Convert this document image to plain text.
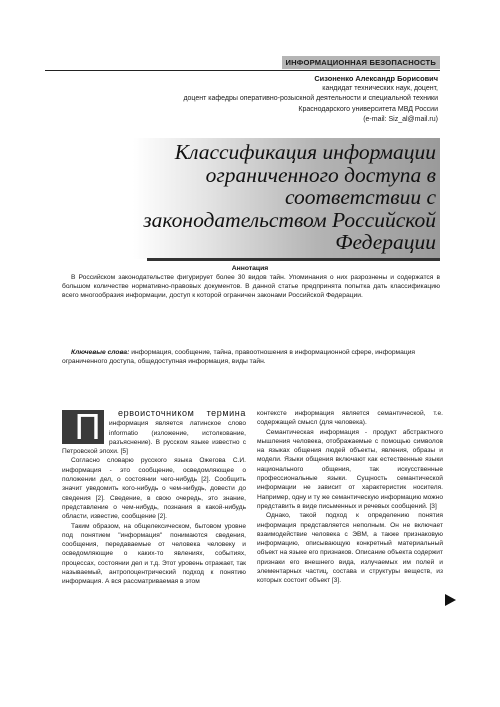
ИНФОРМАЦИОННАЯ БЕЗОПАСНОСТЬ
Сизоненко Александр Борисович
кандидат технических наук, доцент,
доцент кафедры оперативно-розыскной деятельности и специальной техники
Краснодарского университета МВД России
(e-mail: Siz_al@mail.ru)
Классификация информации ограниченного доступа в соответствии с законодательством Российской Федерации
Аннотация

В Российском законодательстве фигурирует более 30 видов тайн. Упоминания о них разрознены и содержатся в большом количестве нормативно-правовых документов. В данной статье предпринята попытка дать классификацию всего многообразия информации, доступ к которой ограничен законами Российской Федерации.

Ключевые слова: информация, сообщение, тайна, правоотношения в информационной сфере, информация ограниченного доступа, общедоступная информация, виды тайн.

П	ервоисточником термина информация является латинское слово informatio (изложение, истолкование, разъяснение). В русском языке известно с Петровской эпохи. [5]

Согласно словарю русского языка Ожегова С.И. информация - это сообщение, осведомляющее о положении дел, о состоянии чего-нибудь [2]. Сообщить значит уведомить кого-нибудь о чем-нибудь, довести до сведения [2]. Сведение, в свою очередь, это знание, представление о чем-нибудь, познания в какой-нибудь области, известие, сообщение [2].

Таким образом, на общелексическом, бытовом уровне под понятием "информация" понимаются сведения, сообщения, передаваемые от человека человеку и осведомляющие о каких-то явлениях, событиях, процессах, состоянии дел и т.д. Этот уровень отражает, так называемый, антропоцентрический подход к понятию информация. А вся рассматриваемая в этом

контексте информация является семантической, т.е. содержащей смысл (для человека).

Семантическая информация - продукт абстрактного мышления человека, отображаемые с помощью символов на языках общения людей объекты, явления, образы и модели. Языки общения включают как естественные языки национального общения, так искусственные профессиональные языки. Сущность семантической информации не зависит от характеристик носителя. Например, одну и ту же семантическую информацию можно представить в виде письменных и речевых сообщений. [3]

Однако, такой подход к определению понятия информация представляется неполным. Он не включает взаимодействие человека с ЭВМ, а также признаковую информацию, описывающую конкретный материальный объект на языке его признаков. Описание объекта содержит признаки его внешнего вида, излучаемых им полей и элементарных частиц, состава и структуры веществ, из которых состоит объект [3].
